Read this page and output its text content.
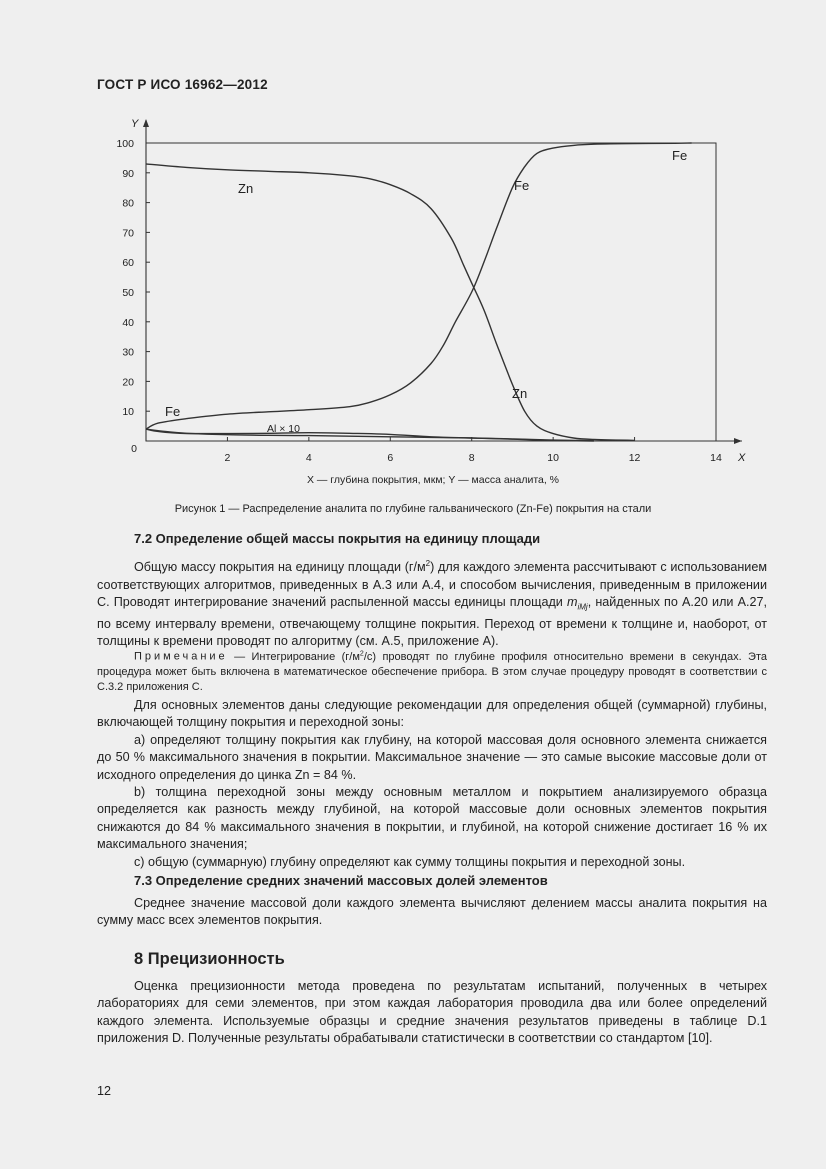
ГОСТ Р ИСО 16962—2012
0
10
20
30
40
50
60
70
80
90
100
2	4	6	8	10	12	14
Y
X
Zn
Zn
Fe
Fe
Fe
Al × 10
X — глубина покрытия, мкм; Y — масса аналита, %
Рисунок 1 — Распределение аналита по глубине гальванического (Zn-Fe) покрытия на стали
7.2 Определение общей массы покрытия на единицу площади

Общую массу покрытия на единицу площади $(г/м^2)$ для каждого элемента рассчитывают с использованием соответствующих алгоритмов, приведенных в А.3 или А.4, и способом вычисления, приведенным в приложении С. Проводят интегрирование значений распыленной массы единицы площади $m_{iMj}$, найденных по А.20 или А.27, по всему интервалу времени, отвечающему толщине покрытия. Переход от времени к толщине и, наоборот, от толщины к времени проводят по алгоритму (см. А.5, приложение А).

Примечание — Интегрирование $(г/м^2/с)$ проводят по глубине профиля относительно времени в секундах. Эта процедура может быть включена в математическое обеспечение прибора. В этом случае процедуру проводят в соответствии с С.3.2 приложения С.

Для основных элементов даны следующие рекомендации для определения общей (суммарной) глубины, включающей толщину покрытия и переходной зоны:

а) определяют толщину покрытия как глубину, на которой массовая доля основного элемента снижается до 50 % максимального значения в покрытии. Максимальное значение — это самые высокие массовые доли от исходного определения до цинка Zn = 84 %.

b) толщина переходной зоны между основным металлом и покрытием анализируемого образца определяется как разность между глубиной, на которой массовые доли основных элементов покрытия снижаются до 84 % максимального значения в покрытии, и глубиной, на которой снижение достигает 16 % их максимального значения;

с) общую (суммарную) глубину определяют как сумму толщины покрытия и переходной зоны.

7.3 Определение средних значений массовых долей элементов

Среднее значение массовой доли каждого элемента вычисляют делением массы аналита покрытия на сумму масс всех элементов покрытия.

8 Прецизионность

Оценка прецизионности метода проведена по результатам испытаний, полученных в четырех лабораториях для семи элементов, при этом каждая лаборатория проводила два или более определений каждого элемента. Используемые образцы и средние значения результатов приведены в таблице D.1 приложения D. Полученные результаты обрабатывали статистически в соответствии со стандартом [10].

12
